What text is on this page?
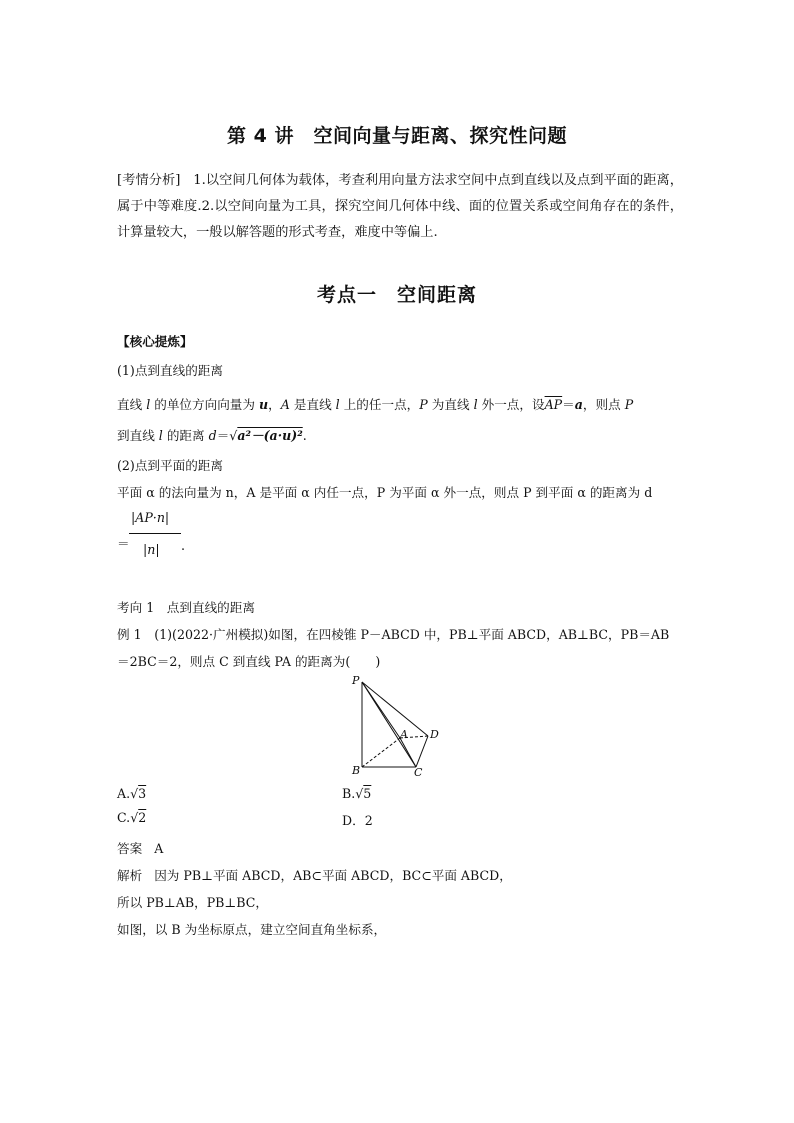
第 4 讲　空间向量与距离、探究性问题
[考情分析] 1.以空间几何体为载体，考查利用向量方法求空间中点到直线以及点到平面的距离，属于中等难度.2.以空间向量为工具，探究空间几何体中线、面的位置关系或空间角存在的条件，计算量较大，一般以解答题的形式考查，难度中等偏上.
考点一　空间距离
【核心提炼】
(1)点到直线的距离
直线 l 的单位方向向量为 u，A 是直线 l 上的任一点，P 为直线 l 外一点，设$\overline{AP}=a$，则点 P
到直线 l 的距离 d＝√a²－(a·u)².
(2)点到平面的距离
平面 α 的法向量为 n，A 是平面 α 内任一点，P 为平面 α 外一点，则点 P 到平面 α 的距离为 d
＝
|AP·n|
|n| .
考向 1　点到直线的距离
例 1　(1)(2022·广州模拟)如图，在四棱锥 P－ABCD 中，PB⊥平面 ABCD，AB⊥BC，PB＝AB
＝2BC＝2，则点 C 到直线 PA 的距离为(　　)
P
A
B	C
D
A.√3	B.√5
C.√2	D．2
答案 A
解析 因为 PB⊥平面 ABCD，AB⊂平面 ABCD，BC⊂平面 ABCD，
所以 PB⊥AB，PB⊥BC，
如图，以 B 为坐标原点，建立空间直角坐标系，
